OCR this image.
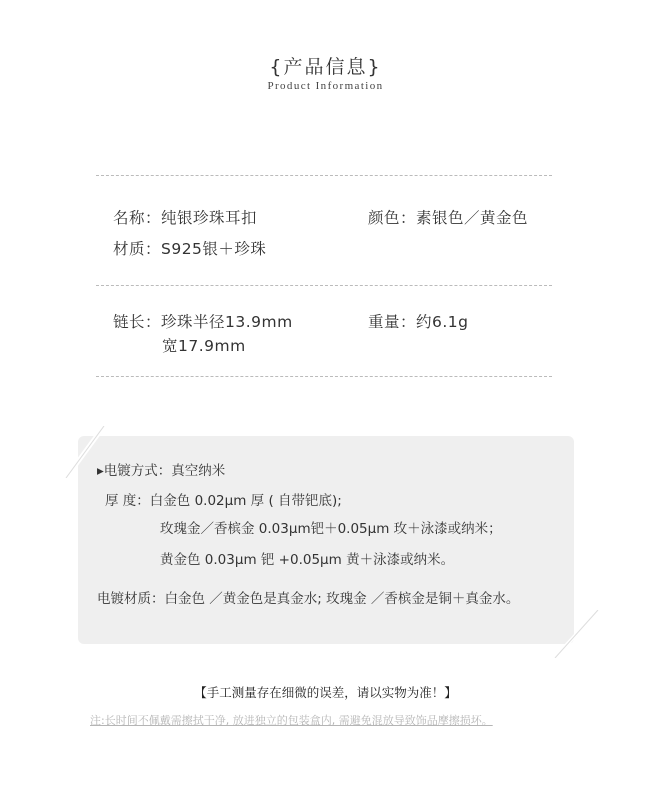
{产品信息}
Product Information
名称：纯银珍珠耳扣	颜色：素银色／黄金色
材质：S925银＋珍珠
链长：珍珠半径13.9mm
宽17.9mm
重量：约6.1g
▸电镀方式：真空纳米
厚 度：白金色 0.02µm 厚 ( 自带钯底);
玫瑰金／香槟金 0.03µm钯＋0.05µm 玫＋泳漆或纳米；
黄金色 0.03µm 钯 +0.05µm 黄＋泳漆或纳米。
电镀材质：白金色 ／黄金色是真金水; 玫瑰金 ／香槟金是铜＋真金水。
【手工测量存在细微的误差，请以实物为准！】
注:长时间不佩戴需擦拭干净, 放进独立的包装盒内, 需避免混放导致饰品摩擦损坏。
